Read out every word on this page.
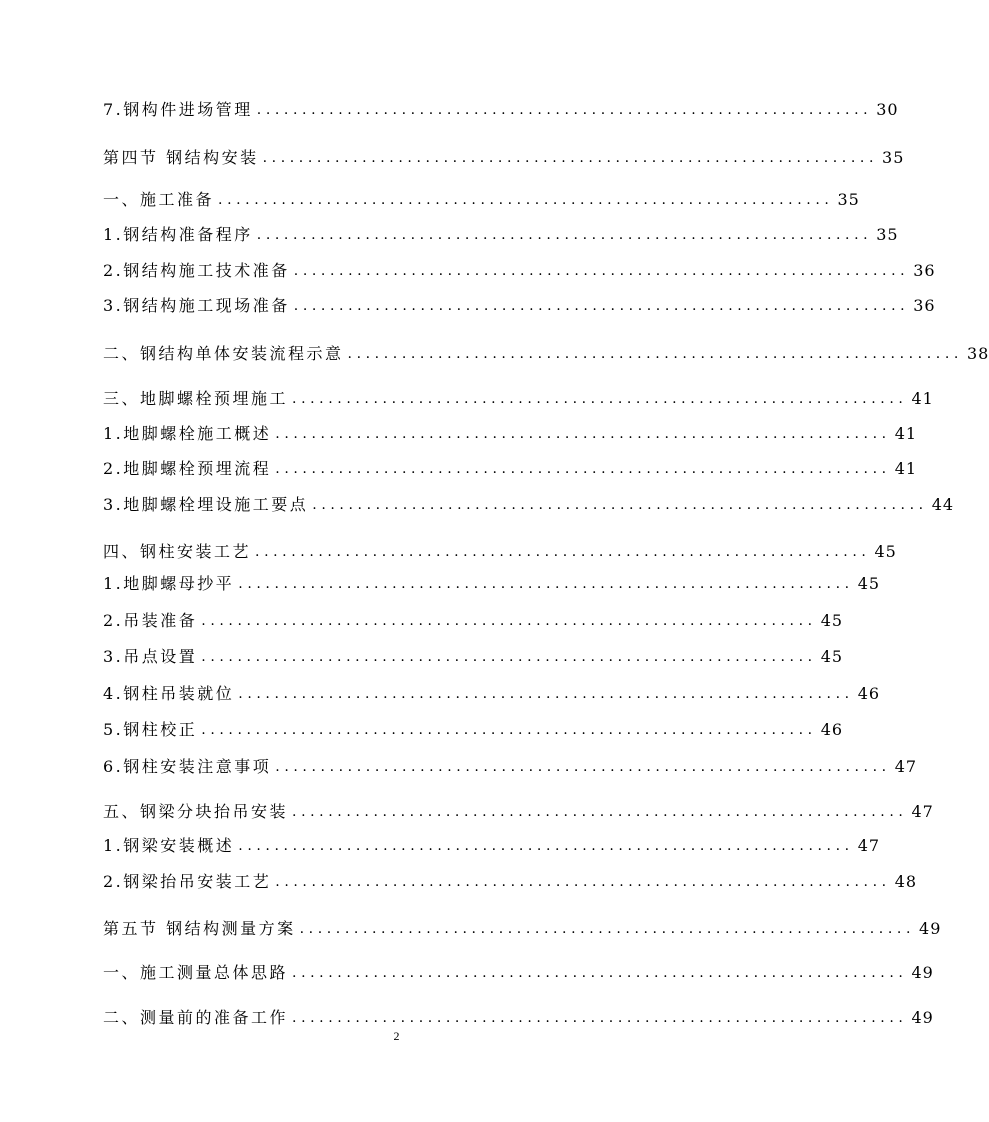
7.钢构件进场管理 .................................................................... 30
第四节 钢结构安装 .................................................................... 35
一、施工准备 .................................................................... 35
1.钢结构准备程序 .................................................................... 35
2.钢结构施工技术准备 .................................................................... 36
3.钢结构施工现场准备 .................................................................... 36
二、钢结构单体安装流程示意 .................................................................... 38
三、地脚螺栓预埋施工 .................................................................... 41
1.地脚螺栓施工概述 .................................................................... 41
2.地脚螺栓预埋流程 .................................................................... 41
3.地脚螺栓埋设施工要点 .................................................................... 44
四、钢柱安装工艺 .................................................................... 45
1.地脚螺母抄平 .................................................................... 45
2.吊装准备 .................................................................... 45
3.吊点设置 .................................................................... 45
4.钢柱吊装就位 .................................................................... 46
5.钢柱校正 .................................................................... 46
6.钢柱安装注意事项 .................................................................... 47
五、钢梁分块抬吊安装 .................................................................... 47
1.钢梁安装概述 .................................................................... 47
2.钢梁抬吊安装工艺 .................................................................... 48
第五节 钢结构测量方案 .................................................................... 49
一、施工测量总体思路 .................................................................... 49
二、测量前的准备工作 .................................................................... 49
2
